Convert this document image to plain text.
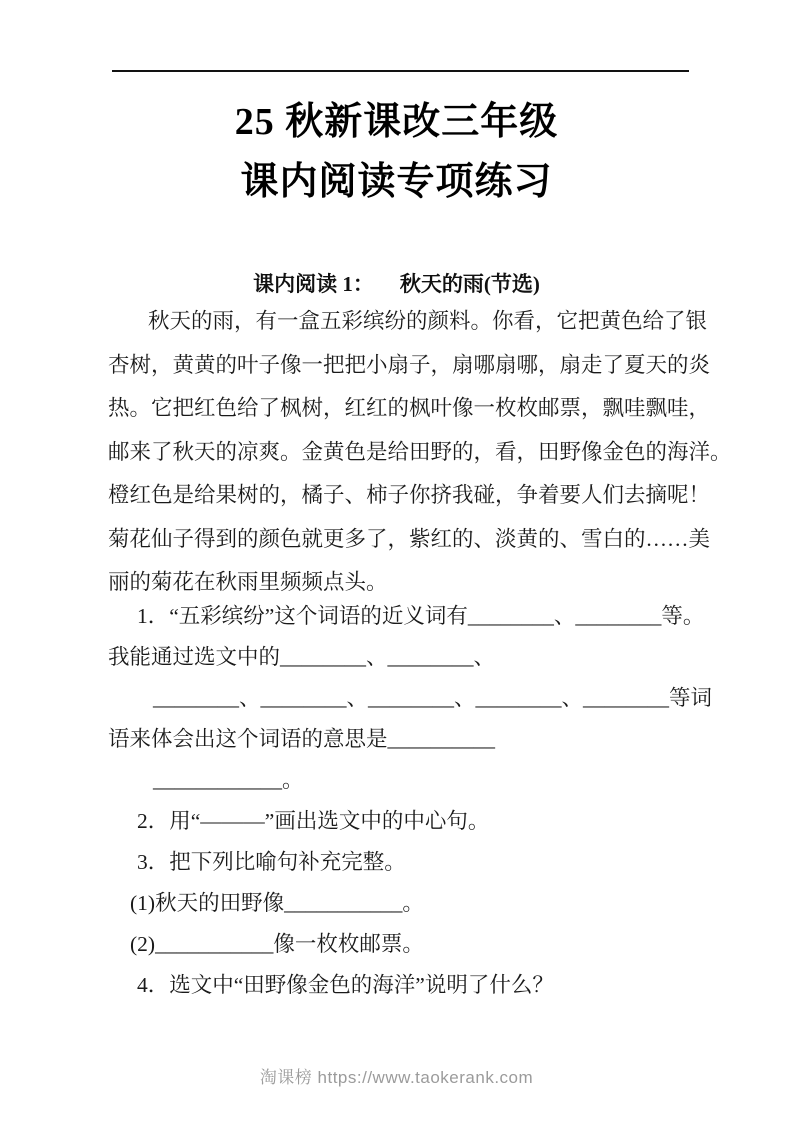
25 秋新课改三年级
课内阅读专项练习
课内阅读 1： 秋天的雨(节选)
秋天的雨，有一盒五彩缤纷的颜料。你看，它把黄色给了银
杏树，黄黄的叶子像一把把小扇子，扇哪扇哪，扇走了夏天的炎
热。它把红色给了枫树，红红的枫叶像一枚枚邮票，飘哇飘哇，
邮来了秋天的凉爽。金黄色是给田野的，看，田野像金色的海洋。
橙红色是给果树的，橘子、柿子你挤我碰，争着要人们去摘呢！
菊花仙子得到的颜色就更多了，紫红的、淡黄的、雪白的……美
丽的菊花在秋雨里频频点头。
1．“五彩缤纷”这个词语的近义词有________、________等。
我能通过选文中的________、________、
________、________、________、________、________等词
语来体会出这个词语的意思是__________
____________。
2．用“———”画出选文中的中心句。
3．把下列比喻句补充完整。
(1)秋天的田野像___________。
(2)___________像一枚枚邮票。
4．选文中“田野像金色的海洋”说明了什么？
淘课榜 https://www.taokerank.com
